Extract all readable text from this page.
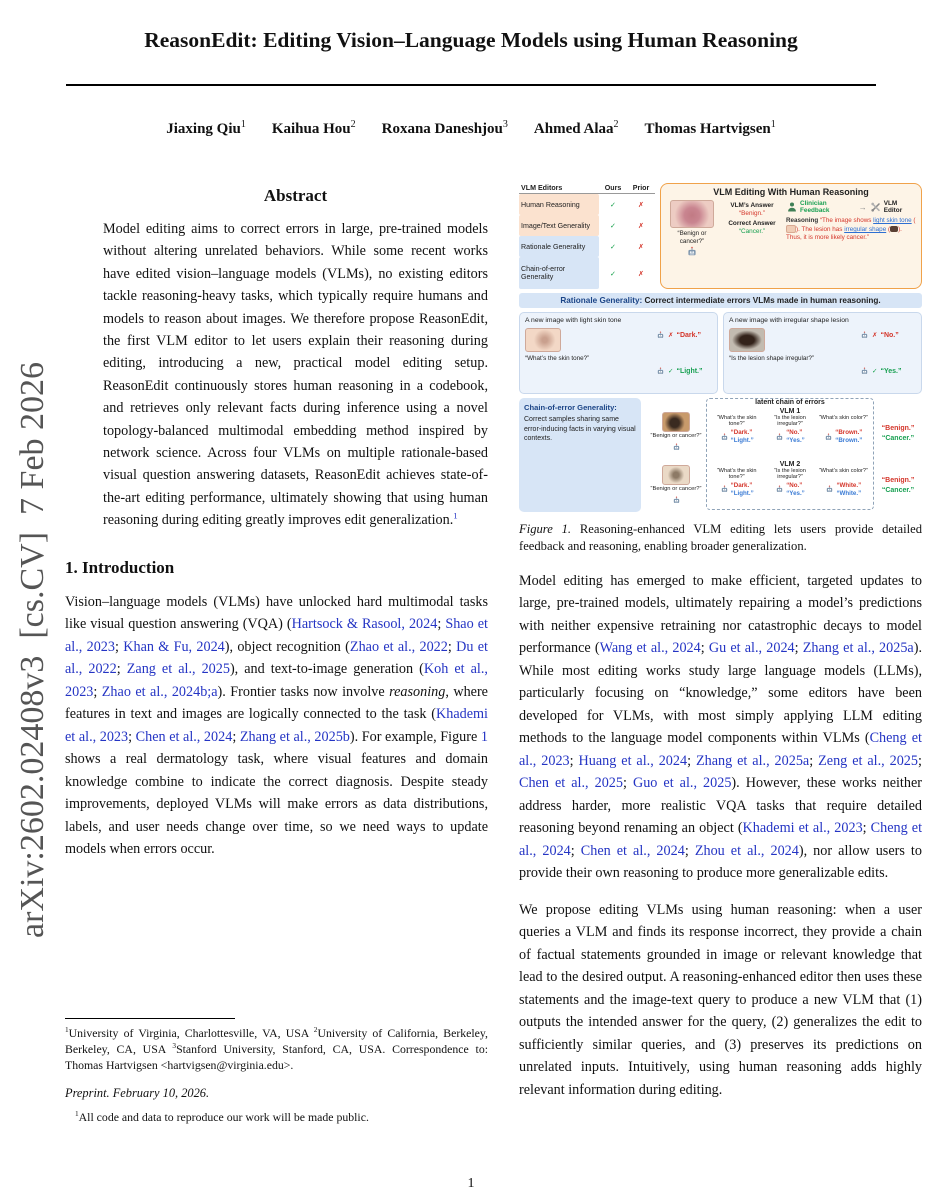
arXiv:2602.02408v3  [cs.CV]  7 Feb 2026
ReasonEdit: Editing Vision–Language Models using Human Reasoning
Jiaxing Qiu$^1$ Kaihua Hou$^2$ Roxana Daneshjou$^3$ Ahmed Alaa$^2$ Thomas Hartvigsen$^1$
Abstract

Model editing aims to correct errors in large, pre-trained models without altering unrelated behaviors. While some recent works have edited vision–language models (VLMs), no existing editors tackle reasoning-heavy tasks, which typically require humans and models to reason about images. We therefore propose ReasonEdit, the first VLM editor to let users explain their reasoning during editing, introducing a new, practical model editing setup. ReasonEdit continuously stores human reasoning in a codebook, and retrieves only relevant facts during inference using a novel topology-balanced multimodal embedding method inspired by network science. Across four VLMs on multiple rationale-based visual question answering datasets, ReasonEdit achieves state-of-the-art editing performance, ultimately showing that using human reasoning during editing greatly improves edit generalization.$^1$

1. Introduction

Vision–language models (VLMs) have unlocked hard multimodal tasks like visual question answering (VQA) (Hartsock & Rasool, 2024; Shao et al., 2023; Khan & Fu, 2024), object recognition (Zhao et al., 2022; Du et al., 2022; Zang et al., 2025), and text-to-image generation (Koh et al., 2023; Zhao et al., 2024b;a). Frontier tasks now involve reasoning, where features in text and images are logically connected to the task (Khademi et al., 2023; Chen et al., 2024; Zhang et al., 2025b). For example, Figure 1 shows a real dermatology task, where visual features and domain knowledge combine to indicate the correct diagnosis. Despite steady improvements, deployed VLMs will make errors as data distributions, labels, and user needs change over time, so we need ways to update models when errors occur.

$^1$University of Virginia, Charlottesville, VA, USA $^2$University of California, Berkeley, Berkeley, CA, USA $^3$Stanford University, Stanford, CA, USA. Correspondence to: Thomas Hartvigsen <hartvigsen@virginia.edu>.

Preprint. February 10, 2026.

$^1$All code and data to reproduce our work will be made public.

VLM Editors	Ours	Prior
Human Reasoning	✓	✗
Image/Text Generality	✓	✗
Rationale Generality	✓	✗
Chain-of-error Generality	✓	✗
VLM Editing With Human Reasoning
“Benign or cancer?”
VLM’s Answer
“Benign.”
Correct Answer
“Cancer.”
Clinician Feedback	→	VLM Editor
Reasoning “The image shows light skin tone (). The lesion has irregular shape ( ). Thus, it is more likely cancer.”
Rationale Generality: Correct intermediate errors VLMs made in human reasoning.
A new image with light skin tone
“What’s the skin tone?”
✗ “Dark.”
✓ “Light.”
A new image with irregular shape lesion
“Is the lesion shape irregular?”
✗ “No.”
✓ “Yes.”
Chain-of-error Generality:
Correct samples sharing same error-inducing facts in varying visual contexts.
latent chain of errors
“Benign or cancer?”
VLM 1
“What’s the skin tone?”
“Dark.”
“Light.”
“Is the lesion irregular?”
“No.”
“Yes.”
“What’s skin color?”
“Brown.”
“Brown.”
“Benign.”
“Cancer.”
“Benign or cancer?”
VLM 2
“What’s the skin tone?”
“Dark.”
“Light.”
“Is the lesion irregular?”
“No.”
“Yes.”
“What’s skin color?”
“White.”
“White.”
“Benign.”
“Cancer.”

Figure 1. Reasoning-enhanced VLM editing lets users provide detailed feedback and reasoning, enabling broader generalization.

Model editing has emerged to make efficient, targeted updates to large, pre-trained models, ultimately repairing a model’s predictions with neither expensive retraining nor catastrophic decays to model performance (Wang et al., 2024; Gu et al., 2024; Zhang et al., 2025a). While most editing works study large language models (LLMs), particularly focusing on “knowledge,” some editors have been developed for VLMs, with most simply applying LLM editing methods to the language model components within VLMs (Cheng et al., 2023; Huang et al., 2024; Zhang et al., 2025a; Zeng et al., 2025; Chen et al., 2025; Guo et al., 2025). However, these works neither address harder, more realistic VQA tasks that require detailed reasoning beyond renaming an object (Khademi et al., 2023; Cheng et al., 2024; Chen et al., 2024; Zhou et al., 2024), nor allow users to provide their own reasoning to produce more generalizable edits.

We propose editing VLMs using human reasoning: when a user queries a VLM and finds its response incorrect, they provide a chain of factual statements grounded in image or relevant knowledge that lead to the desired output. A reasoning-enhanced editor then uses these statements and the image-text query to produce a new VLM that (1) outputs the intended answer for the query, (2) generalizes the edit to sufficiently similar queries, and (3) preserves its predictions on unrelated inputs. Intuitively, using human reasoning adds highly relevant information during editing.

1
